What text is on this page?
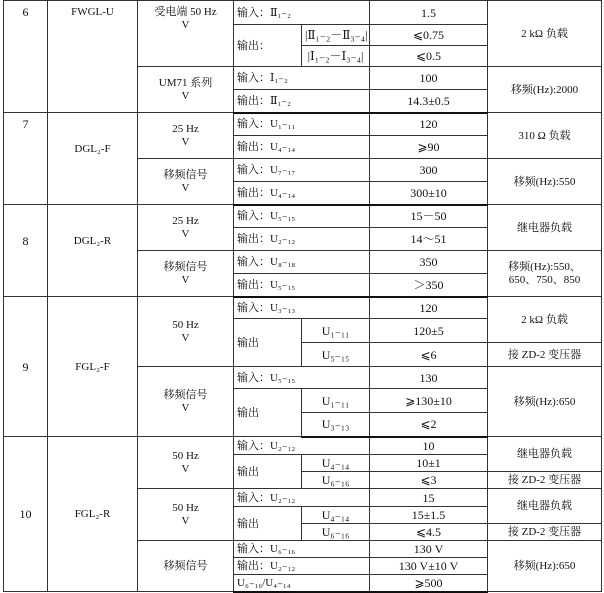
6	FWGL-U	受电端 50 Hz
V	输入：Ⅱ₁₋₂		1.5	2 kΩ 负载
			输出：	|Ⅱ₁₋₂－Ⅱ₃₋₄|	⩽0.75	
				|Ⅰ₁₋₂－Ⅰ₃₋₄|	⩽0.5	

		UM71 系列
V	输入：Ⅰ₁₋₂		100	移频(Hz):2000
			输出：Ⅱ₁₋₂		14.3±0.5	
7	DGL₂-F	25 Hz
V	输入：U₁₋₁₁		120	310 Ω 负载
			输出：U₄₋₁₄		⩾90	

		移频信号
V	输入：U₇₋₁₇		300	移频(Hz):550
			输出：U₄₋₁₄		300±10	
8	DGL₂-R	25 Hz
V	输入：U₅₋₁₅		15－50	继电器负载
			输出：U₂₋₁₂		14～51	

		移频信号
V	输入：U₈₋₁₈		350	移频(Hz):550、
650、750、850

			输出：U₅₋₁₅		＞350	
9	FGL₂-F	50 Hz
V	输入：U₃₋₁₃		120	2 kΩ 负载
			输出	U₁₋₁₁	120±5	
				U₅₋₁₅	⩽6	接 ZD-2 变压器

		移频信号
V	输入：U₅₋₁₅		130	移频(Hz):650
			输出	U₁₋₁₁	⩾130±10	
				U₃₋₁₃	⩽2	
10	FGL₂-R	50 Hz
V	输入：U₂₋₁₂		10	继电器负载
			输出	U₄₋₁₄	10±1	
				U₆₋₁₆	⩽3	接 ZD-2 变压器

		50 Hz
V	输入：U₂₋₁₂		15	继电器负载
			输出	U₄₋₁₄	15±1.5	
				U₆₋₁₆	⩽4.5	接 ZD-2 变压器
		移频信号	输入：U₆₋₁₆		130 V	移频(Hz):650
			输出：U₂₋₁₂		130 V±10 V	
			U₆₋₁₆/U₄₋₁₄		⩾500	
